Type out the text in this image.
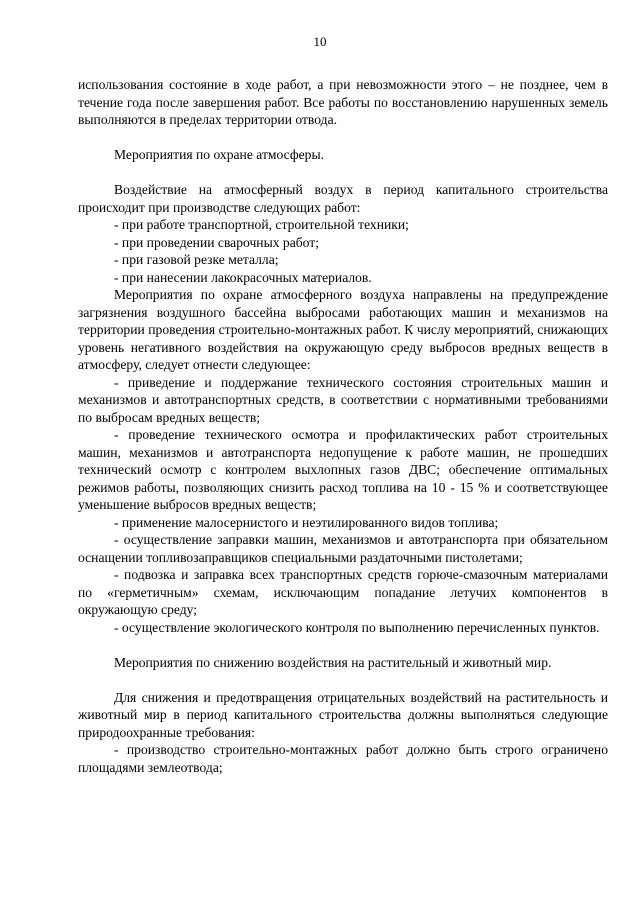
10

использования состояние в ходе работ, а при невозможности этого – не позднее, чем в течение года после завершения работ. Все работы по восстановлению нарушенных земель выполняются в пределах территории отвода.

Мероприятия по охране атмосферы.

Воздействие на атмосферный воздух в период капитального строительства происходит при производстве следующих работ:

- при работе транспортной, строительной техники;

- при проведении сварочных работ;

- при газовой резке металла;

- при нанесении лакокрасочных материалов.

Мероприятия по охране атмосферного воздуха направлены на предупреждение загрязнения воздушного бассейна выбросами работающих машин и механизмов на территории проведения строительно-монтажных работ. К числу мероприятий, снижающих уровень негативного воздействия на окружающую среду выбросов вредных веществ в атмосферу, следует отнести следующее:

- приведение и поддержание технического состояния строительных машин и механизмов и автотранспортных средств, в соответствии с нормативными требованиями по выбросам вредных веществ;

- проведение технического осмотра и профилактических работ строительных машин, механизмов и автотранспорта недопущение к работе машин, не прошедших технический осмотр с контролем выхлопных газов ДВС; обеспечение оптимальных режимов работы, позволяющих снизить расход топлива на 10 - 15 % и соответствующее уменьшение выбросов вредных веществ;

- применение малосернистого и неэтилированного видов топлива;

- осуществление заправки машин, механизмов и автотранспорта при обязательном оснащении топливозаправщиков специальными раздаточными пистолетами;

- подвозка и заправка всех транспортных средств горюче-смазочным материалами по «герметичным» схемам, исключающим попадание летучих компонентов в окружающую среду;

- осуществление экологического контроля по выполнению перечисленных пунктов.

Мероприятия по снижению воздействия на растительный и животный мир.

Для снижения и предотвращения отрицательных воздействий на растительность и животный мир в период капитального строительства должны выполняться следующие природоохранные требования:

- производство строительно-монтажных работ должно быть строго ограничено площадями землеотвода;
